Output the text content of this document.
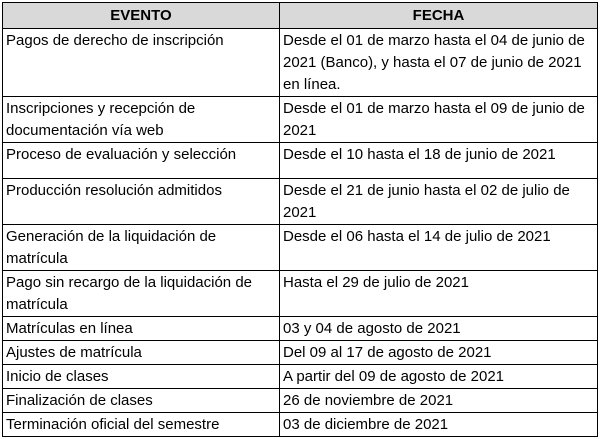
EVENTO	FECHA
Pagos de derecho de inscripción	Desde el 01 de marzo hasta el 04 de junio de 2021 (Banco), y hasta el 07 de junio de 2021 en línea.
Inscripciones y recepción de documentación vía web	Desde el 01 de marzo hasta el 09 de junio de 2021
Proceso de evaluación y selección	Desde el 10 hasta el 18 de junio de 2021
Producción resolución admitidos	Desde el 21 de junio hasta el 02 de julio de 2021
Generación de la liquidación de matrícula	Desde el 06 hasta el 14 de julio de 2021
Pago sin recargo de la liquidación de matrícula	Hasta el 29 de julio de 2021
Matrículas en línea	03 y 04 de agosto de 2021
Ajustes de matrícula	Del 09 al 17 de agosto de 2021
Inicio de clases	A partir del 09 de agosto de 2021
Finalización de clases	26 de noviembre de 2021
Terminación oficial del semestre	03 de diciembre de 2021
